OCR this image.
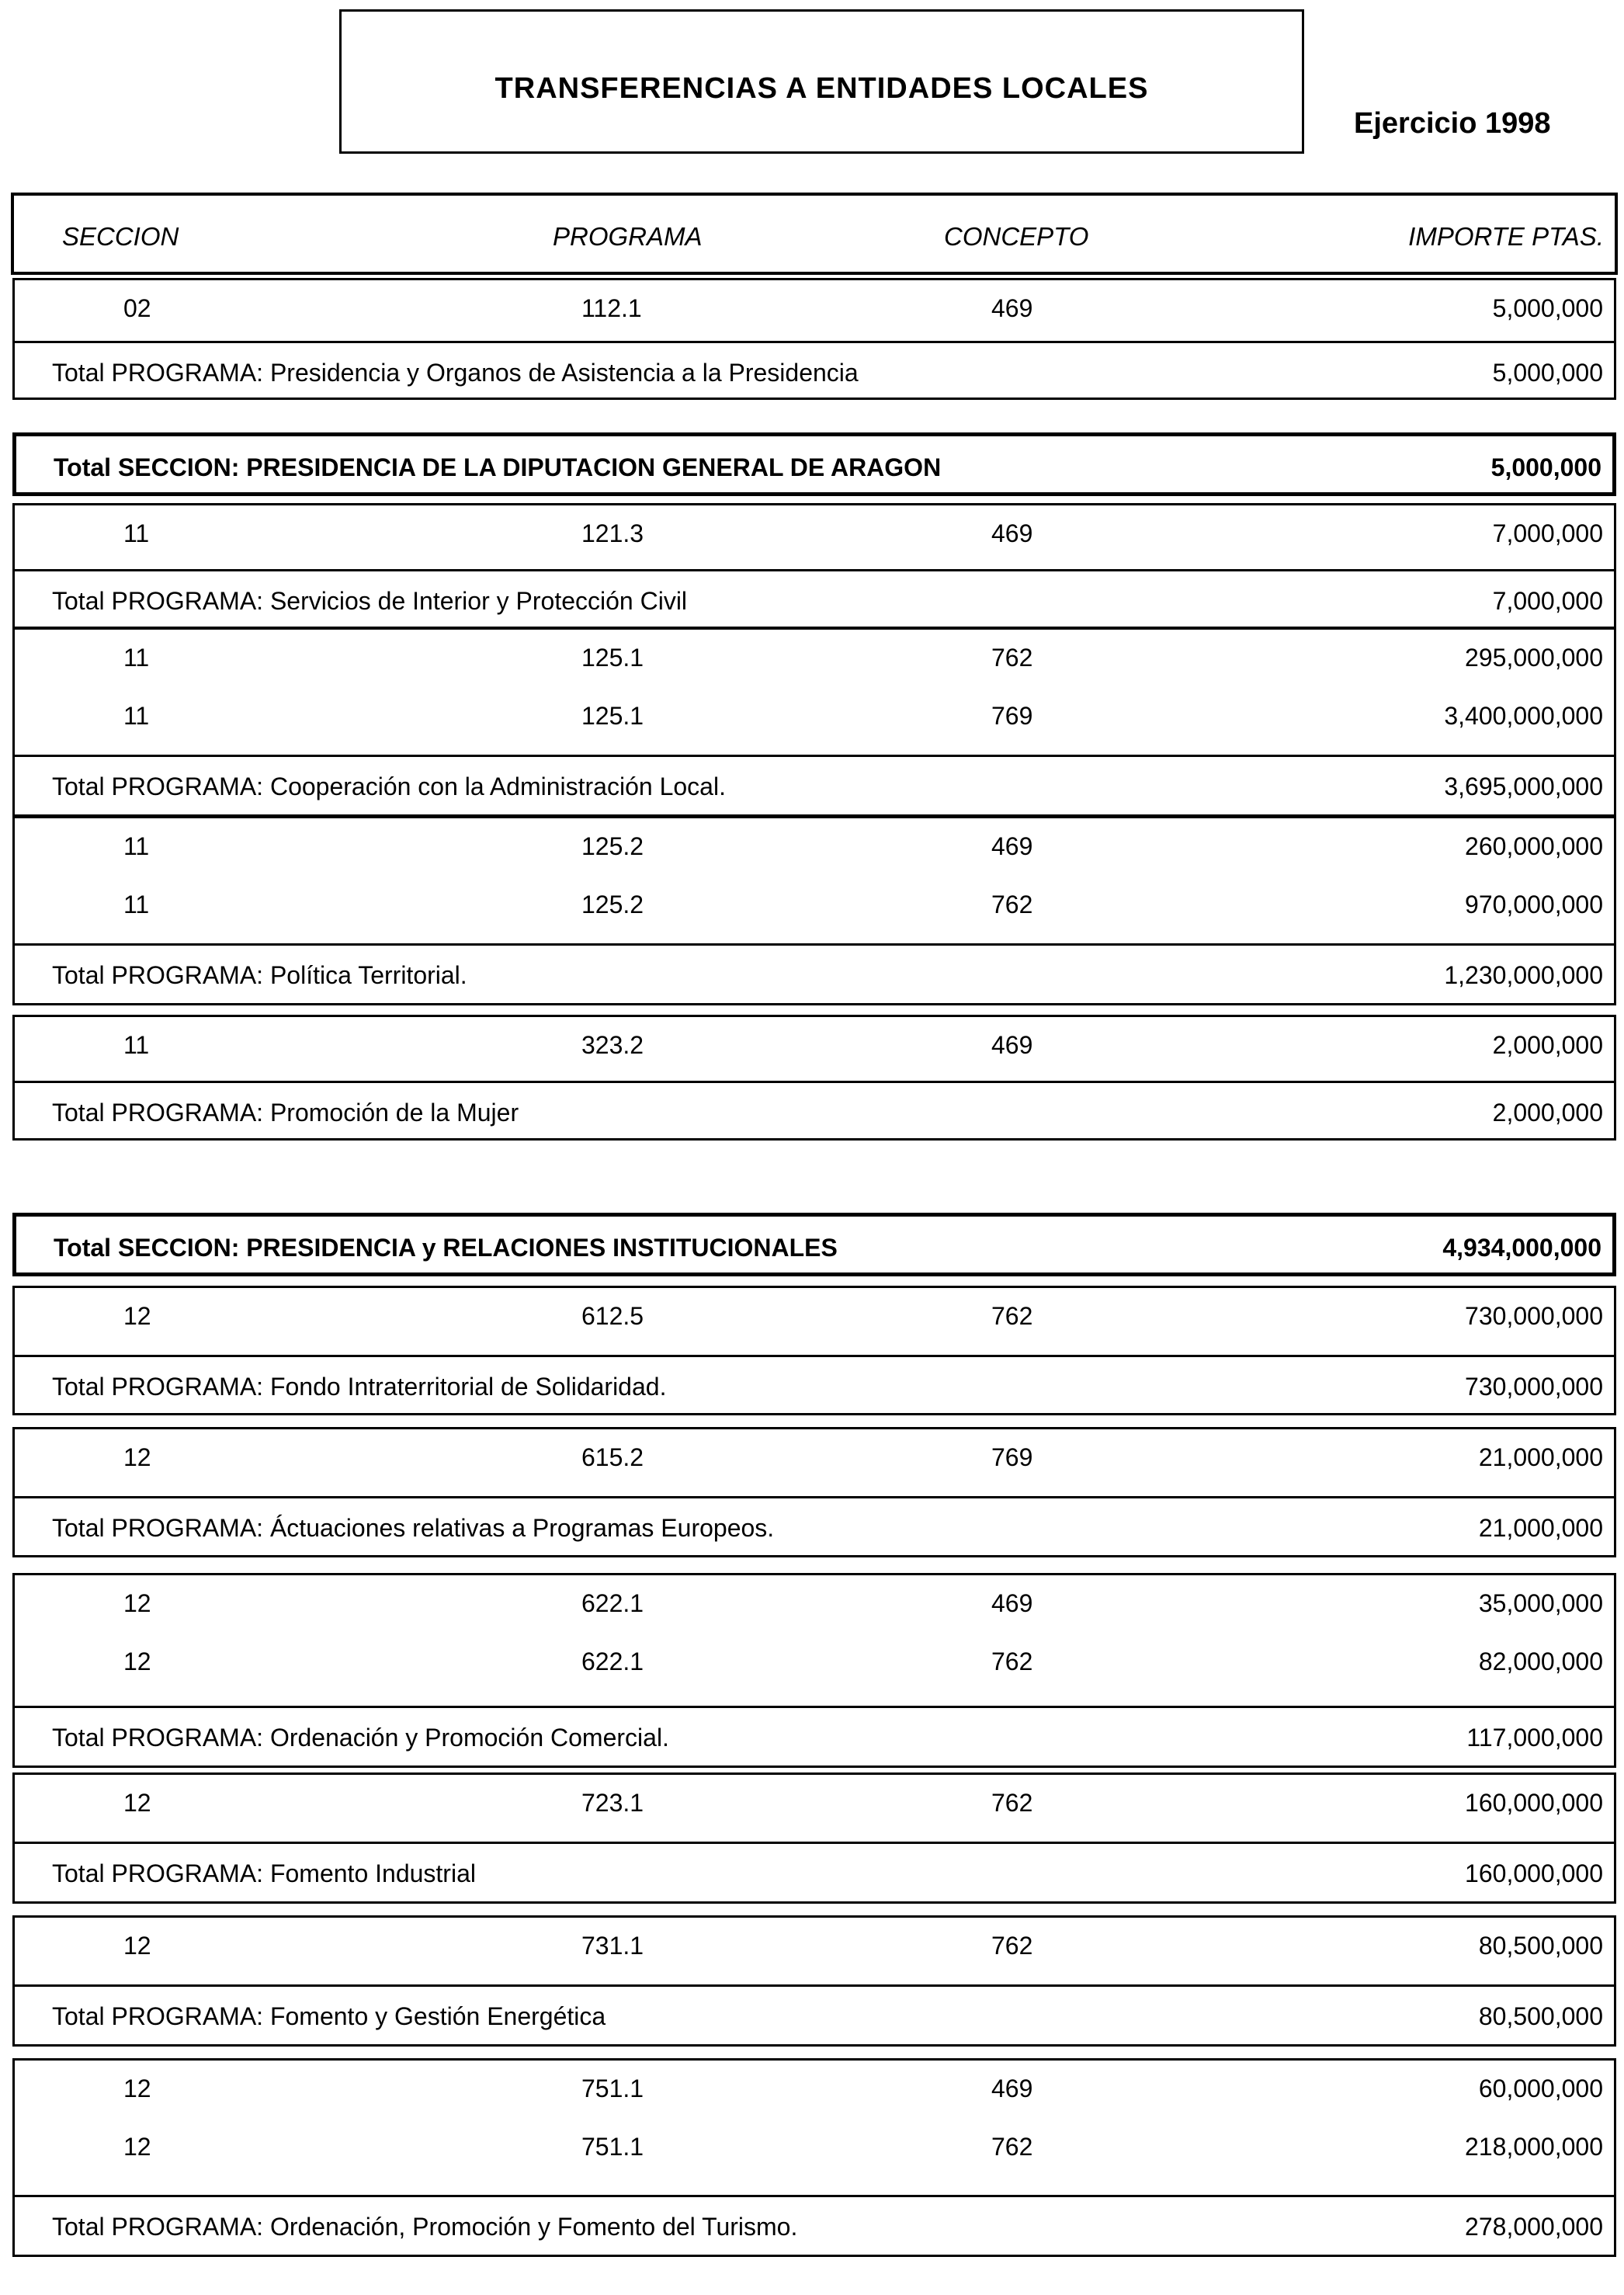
TRANSFERENCIAS A ENTIDADES LOCALES
Ejercicio 1998
SECCION	PROGRAMA	CONCEPTO	IMPORTE PTAS.
02	112.1	469	5,000,000
Total PROGRAMA: Presidencia y Organos de Asistencia a la Presidencia	5,000,000
Total SECCION: PRESIDENCIA DE LA DIPUTACION GENERAL DE ARAGON	5,000,000
11	121.3	469	7,000,000
Total PROGRAMA: Servicios de Interior y Protección Civil	7,000,000
11	125.1	762	295,000,000
11	125.1	769	3,400,000,000
Total PROGRAMA: Cooperación con la Administración Local.	3,695,000,000
11	125.2	469	260,000,000
11	125.2	762	970,000,000
Total PROGRAMA: Política Territorial.	1,230,000,000
11	323.2	469	2,000,000
Total PROGRAMA: Promoción de la Mujer	2,000,000
Total SECCION: PRESIDENCIA y RELACIONES INSTITUCIONALES	4,934,000,000
12	612.5	762	730,000,000
Total PROGRAMA: Fondo Intraterritorial de Solidaridad.	730,000,000
12	615.2	769	21,000,000
Total PROGRAMA: Áctuaciones relativas a Programas Europeos.	21,000,000
12	622.1	469	35,000,000
12	622.1	762	82,000,000
Total PROGRAMA: Ordenación y Promoción Comercial.	117,000,000
12	723.1	762	160,000,000
Total PROGRAMA: Fomento Industrial	160,000,000
12	731.1	762	80,500,000
Total PROGRAMA: Fomento y Gestión Energética	80,500,000
12	751.1	469	60,000,000
12	751.1	762	218,000,000
Total PROGRAMA: Ordenación, Promoción y Fomento del Turismo.	278,000,000
